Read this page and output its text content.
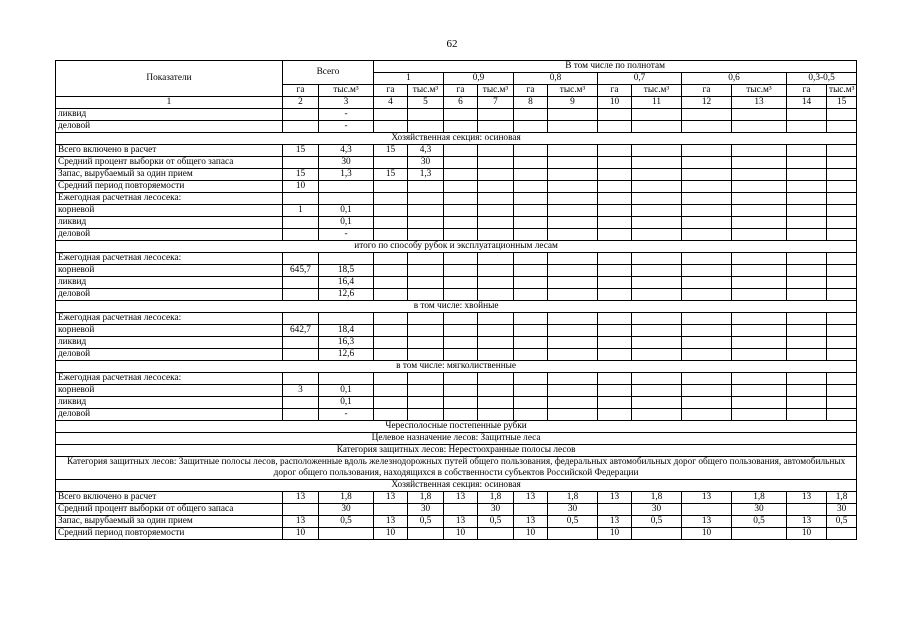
62
Показатели	Всего		В том числе по полнотам											
			1		0,9		0,8		0,7		0,6		0,3-0,5	
	га	тыс.м³	га	тыс.м³	га	тыс.м³	га	тыс.м³	га	тыс.м³	га	тыс.м³	га	тыс.м³
1	2	3	4	5	6	7	8	9	10	11	12	13	14	15
ликвид		-												
деловой		-												
Хозяйственная секция: осиновая														
Всего включено в расчет	15	4,3	15	4,3										
Средний процент выборки от общего запаса		30		30										
Запас, вырубаемый за один прием	15	1,3	15	1,3										
Средний период повторяемости	10													
Ежегодная расчетная лесосека:														
корневой	1	0,1												
ликвид		0,1												
деловой		-												
итого по способу рубок и эксплуатационным лесам														
Ежегодная расчетная лесосека:														
корневой	645,7	18,5												
ликвид		16,4												
деловой		12,6												
в том числе: хвойные														
Ежегодная расчетная лесосека:														
корневой	642,7	18,4												
ликвид		16,3												
деловой		12,6												
в том числе: мягколиственные														
Ежегодная расчетная лесосека:														
корневой	3	0,1												
ликвид		0,1												
деловой		-												
Чересполосные постепенные рубки														
Целевое назначение лесов: Защитные леса														
Категория защитных лесов: Нерестоохранные полосы лесов														
Категория защитных лесов: Защитные полосы лесов, расположенные вдоль железнодорожных путей общего пользования, федеральных автомобильных дорог общего пользования, автомобильных дорог общего пользования, находящихся в собственности субъектов Российской Федерации														
Хозяйственная секция: осиновая														
Всего включено в расчет	13	1,8	13	1,8	13	1,8	13	1,8	13	1,8	13	1,8	13	1,8
Средний процент выборки от общего запаса		30		30		30		30		30		30		30
Запас, вырубаемый за один прием	13	0,5	13	0,5	13	0,5	13	0,5	13	0,5	13	0,5	13	0,5
Средний период повторяемости	10		10		10		10		10		10		10	
